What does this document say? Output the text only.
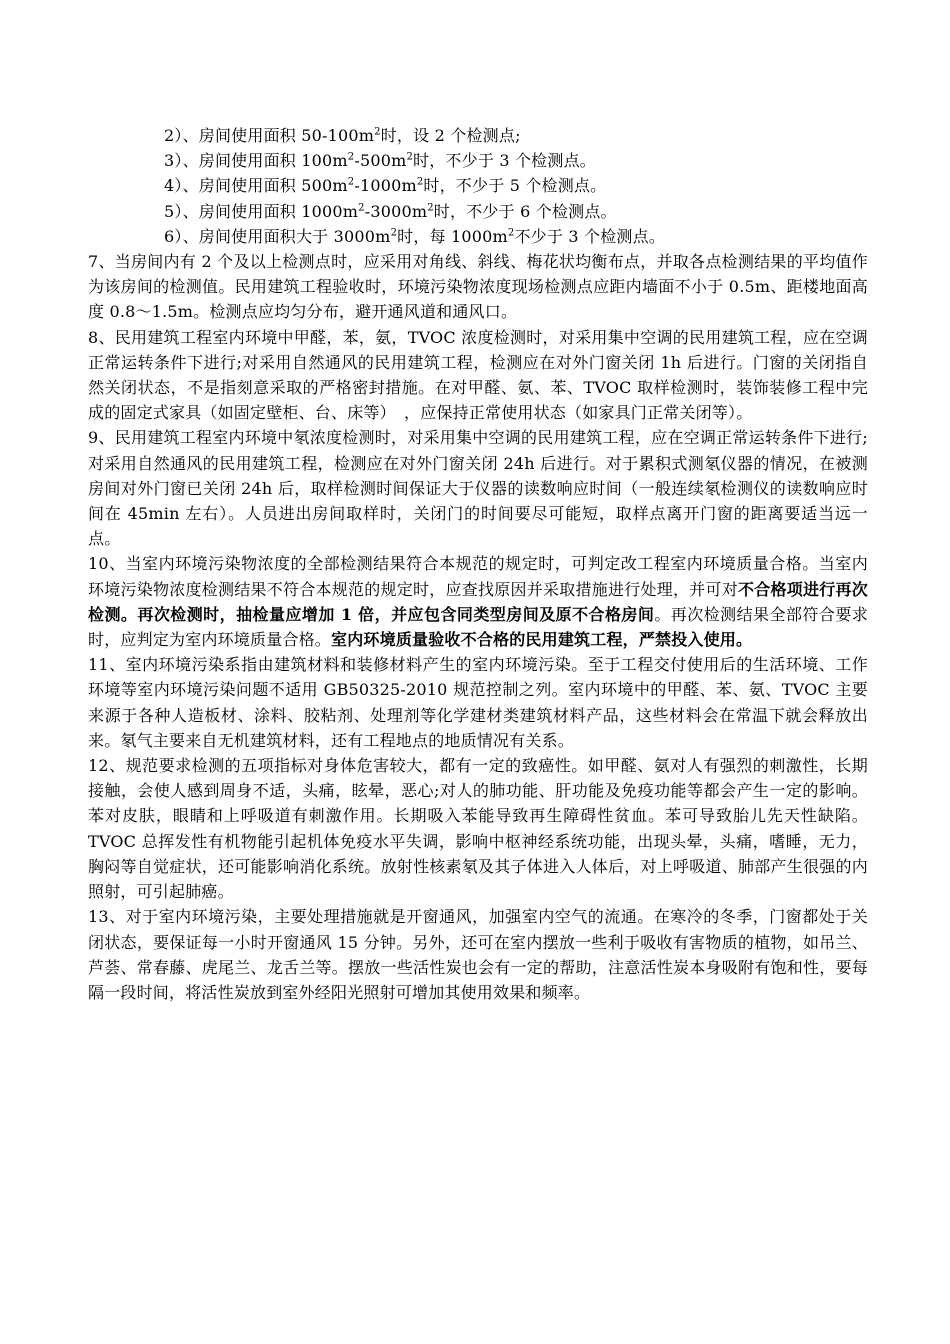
2）、房间使用面积 $50-100m^2$时，设 2 个检测点;

3）、房间使用面积 $100m^2-500m^2$时，不少于 3 个检测点。

4）、房间使用面积 $500m^2-1000m^2$时，不少于 5 个检测点。

5）、房间使用面积 $1000m^2-3000m^2$时，不少于 6 个检测点。

6）、房间使用面积大于 $3000m^2$时，每 $1000m^2$不少于 3 个检测点。

7、当房间内有 2 个及以上检测点时，应采用对角线、斜线、梅花状均衡布点，并取各点检测结果的平均值作为该房间的检测值。民用建筑工程验收时，环境污染物浓度现场检测点应距内墙面不小于 0.5m、距楼地面高度 0.8～1.5m。检测点应均匀分布，避开通风道和通风口。

8、民用建筑工程室内环境中甲醛，苯，氨，TVOC 浓度检测时，对采用集中空调的民用建筑工程，应在空调正常运转条件下进行;对采用自然通风的民用建筑工程，检测应在对外门窗关闭 1h 后进行。门窗的关闭指自然关闭状态，不是指刻意采取的严格密封措施。在对甲醛、氨、苯、TVOC 取样检测时，装饰装修工程中完成的固定式家具（如固定壁柜、台、床等）　，应保持正常使用状态（如家具门正常关闭等）。

9、民用建筑工程室内环境中氡浓度检测时，对采用集中空调的民用建筑工程，应在空调正常运转条件下进行;对采用自然通风的民用建筑工程，检测应在对外门窗关闭 24h 后进行。对于累积式测氡仪器的情况，在被测房间对外门窗已关闭 24h 后，取样检测时间保证大于仪器的读数响应时间（一般连续氡检测仪的读数响应时间在 45min 左右）。人员进出房间取样时，关闭门的时间要尽可能短，取样点离开门窗的距离要适当远一点。

10、当室内环境污染物浓度的全部检测结果符合本规范的规定时，可判定改工程室内环境质量合格。当室内环境污染物浓度检测结果不符合本规范的规定时，应查找原因并采取措施进行处理，并可对不合格项进行再次检测。再次检测时，抽检量应增加 1 倍，并应包含同类型房间及原不合格房间。再次检测结果全部符合要求时，应判定为室内环境质量合格。室内环境质量验收不合格的民用建筑工程，严禁投入使用。

11、室内环境污染系指由建筑材料和装修材料产生的室内环境污染。至于工程交付使用后的生活环境、工作环境等室内环境污染问题不适用 GB50325-2010 规范控制之列。室内环境中的甲醛、苯、氨、TVOC 主要来源于各种人造板材、涂料、胶粘剂、处理剂等化学建材类建筑材料产品，这些材料会在常温下就会释放出来。氡气主要来自无机建筑材料，还有工程地点的地质情况有关系。

12、规范要求检测的五项指标对身体危害较大，都有一定的致癌性。如甲醛、氨对人有强烈的刺激性，长期接触，会使人感到周身不适，头痛，眩晕，恶心;对人的肺功能、肝功能及免疫功能等都会产生一定的影响。苯对皮肤，眼睛和上呼吸道有刺激作用。长期吸入苯能导致再生障碍性贫血。苯可导致胎儿先天性缺陷。TVOC 总挥发性有机物能引起机体免疫水平失调，影响中枢神经系统功能，出现头晕，头痛，嗜睡，无力，胸闷等自觉症状，还可能影响消化系统。放射性核素氡及其子体进入人体后，对上呼吸道、肺部产生很强的内照射，可引起肺癌。

13、对于室内环境污染，主要处理措施就是开窗通风，加强室内空气的流通。在寒冷的冬季，门窗都处于关闭状态，要保证每一小时开窗通风 15 分钟。另外，还可在室内摆放一些利于吸收有害物质的植物，如吊兰、芦荟、常春藤、虎尾兰、龙舌兰等。摆放一些活性炭也会有一定的帮助，注意活性炭本身吸附有饱和性，要每隔一段时间，将活性炭放到室外经阳光照射可增加其使用效果和频率。
